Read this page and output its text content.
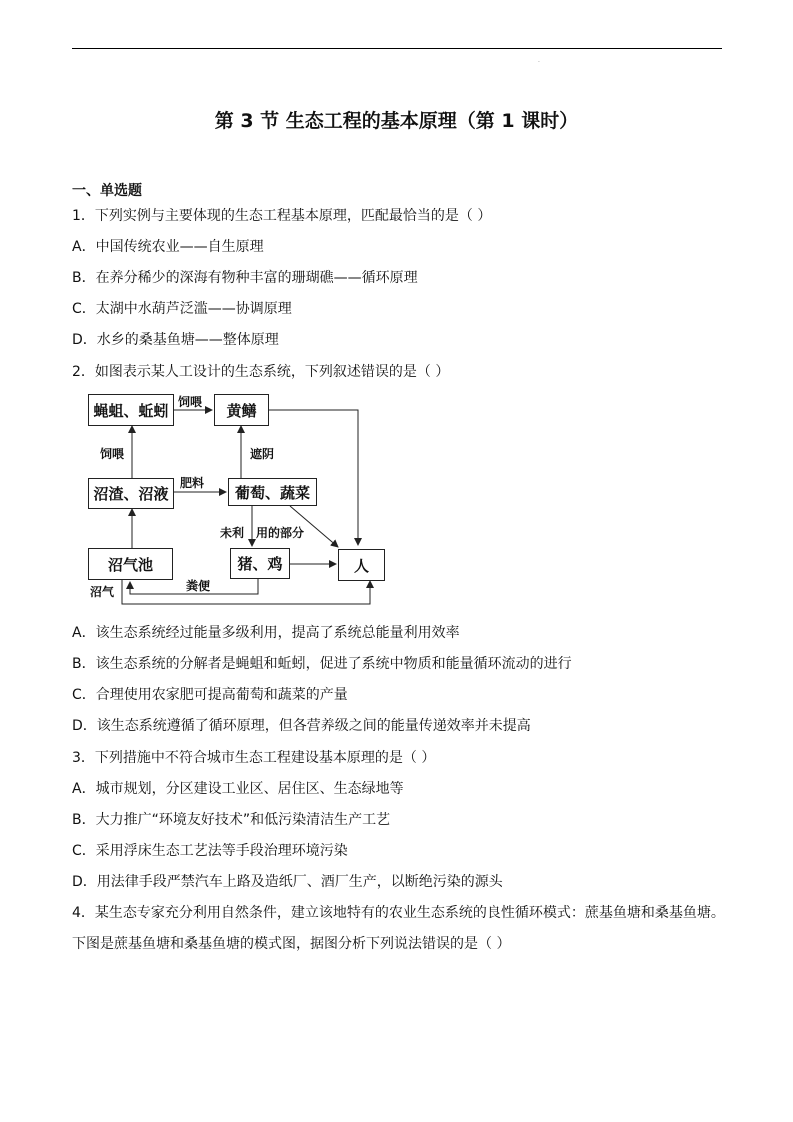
.
第 3 节 生态工程的基本原理（第 1 课时）
一、单选题
1．下列实例与主要体现的生态工程基本原理，匹配最恰当的是（ ）
A．中国传统农业——自生原理
B．在养分稀少的深海有物种丰富的珊瑚礁——循环原理
C．太湖中水葫芦泛滥——协调原理
D．水乡的桑基鱼塘——整体原理
2．如图表示某人工设计的生态系统，下列叙述错误的是（ ）
蝇蛆、蚯蚓	黄鳝
沼渣、沼液	葡萄、蔬菜
沼气池	猪、鸡	人
饲喂
饲喂	遮阴
肥料
未利 用的部分
沼气	粪便
A．该生态系统经过能量多级利用，提高了系统总能量利用效率
B．该生态系统的分解者是蝇蛆和蚯蚓，促进了系统中物质和能量循环流动的进行
C．合理使用农家肥可提高葡萄和蔬菜的产量
D．该生态系统遵循了循环原理，但各营养级之间的能量传递效率并未提高
3．下列措施中不符合城市生态工程建设基本原理的是（ ）
A．城市规划，分区建设工业区、居住区、生态绿地等
B．大力推广“环境友好技术”和低污染清洁生产工艺
C．采用浮床生态工艺法等手段治理环境污染
D．用法律手段严禁汽车上路及造纸厂、酒厂生产，以断绝污染的源头
4．某生态专家充分利用自然条件，建立该地特有的农业生态系统的良性循环模式：蔗基鱼塘和桑基鱼塘。
下图是蔗基鱼塘和桑基鱼塘的模式图，据图分析下列说法错误的是（ ）
